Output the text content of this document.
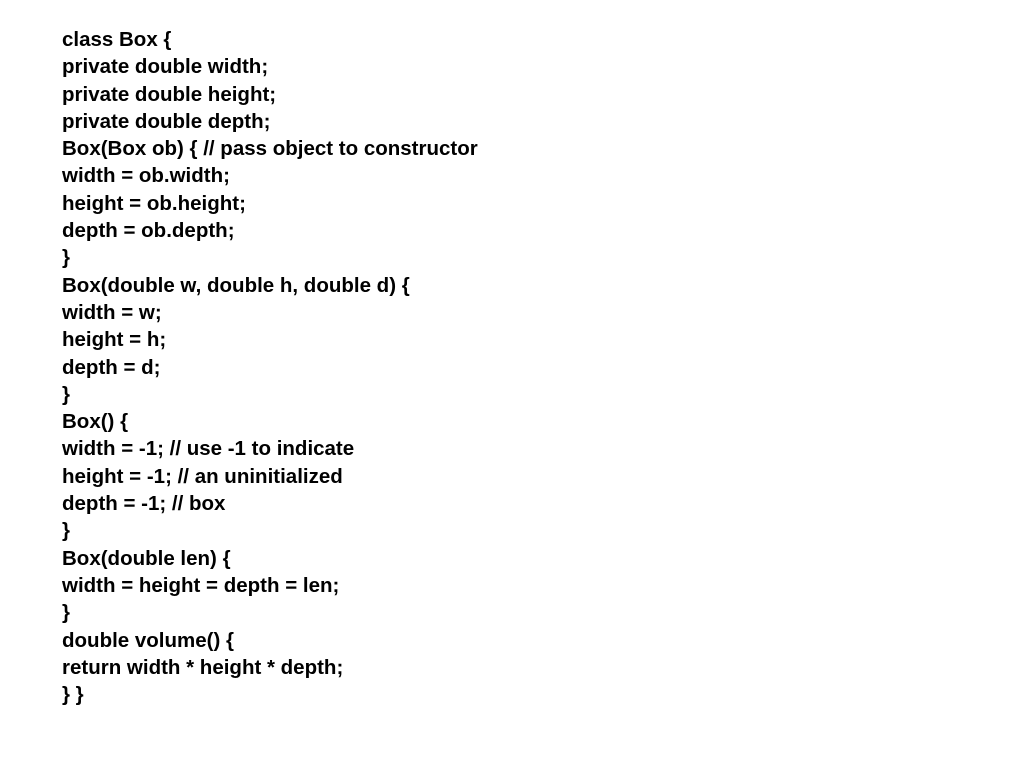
class Box {
private double width;
private double height;
private double depth;
Box(Box ob) { // pass object to constructor
width = ob.width;
height = ob.height;
depth = ob.depth;
}
Box(double w, double h, double d) {
width = w;
height = h;
depth = d;
}
Box() {
width = -1; // use -1 to indicate
height = -1; // an uninitialized
depth = -1; // box
}
Box(double len) {
width = height = depth = len;
}
double volume() {
return width * height * depth;
} }
